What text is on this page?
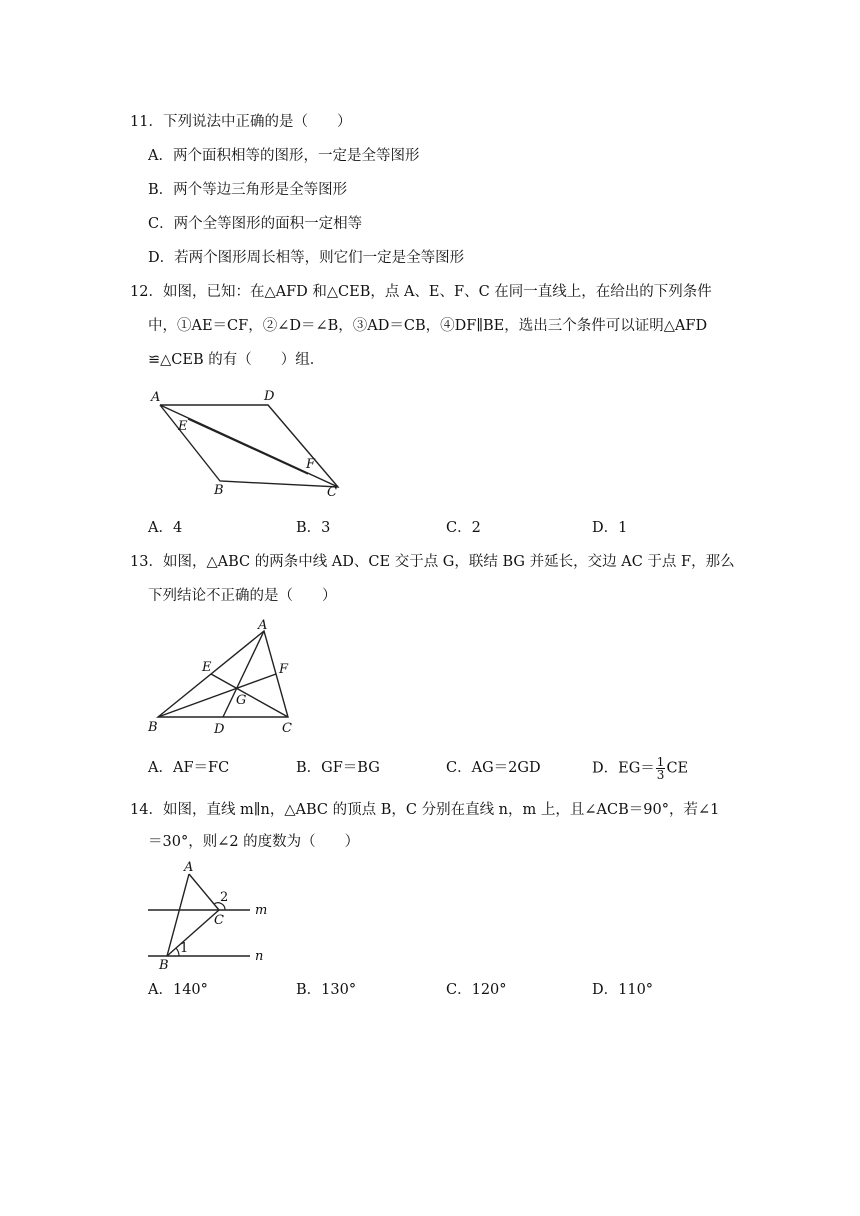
11．下列说法中正确的是（　　）
A．两个面积相等的图形，一定是全等图形
B．两个等边三角形是全等图形
C．两个全等图形的面积一定相等
D．若两个图形周长相等，则它们一定是全等图形
12．如图，已知：在△AFD 和△CEB，点 A、E、F、C 在同一直线上，在给出的下列条件
中，①AE＝CF，②∠D＝∠B，③AD＝CB，④DF∥BE，选出三个条件可以证明△AFD
≌△CEB 的有（　　）组．
A	D
E
F
B	C
A．4	B．3	C．2	D．1
13．如图，△ABC 的两条中线 AD、CE 交于点 G，联结 BG 并延长，交边 AC 于点 F，那么
下列结论不正确的是（　　）
A
E	F
G
B	D	C
A．AF＝FC	B．GF＝BG	C．AG＝2GD	D．$EG= \frac{1}{3}$ CE
14．如图，直线 m∥n，△ABC 的顶点 B，C 分别在直线 n，m 上，且∠ACB＝90°，若∠1
＝30°，则∠2 的度数为（　　）
A
2
C
m
1
B
n
A．140°	B．130°	C．120°	D．110°
